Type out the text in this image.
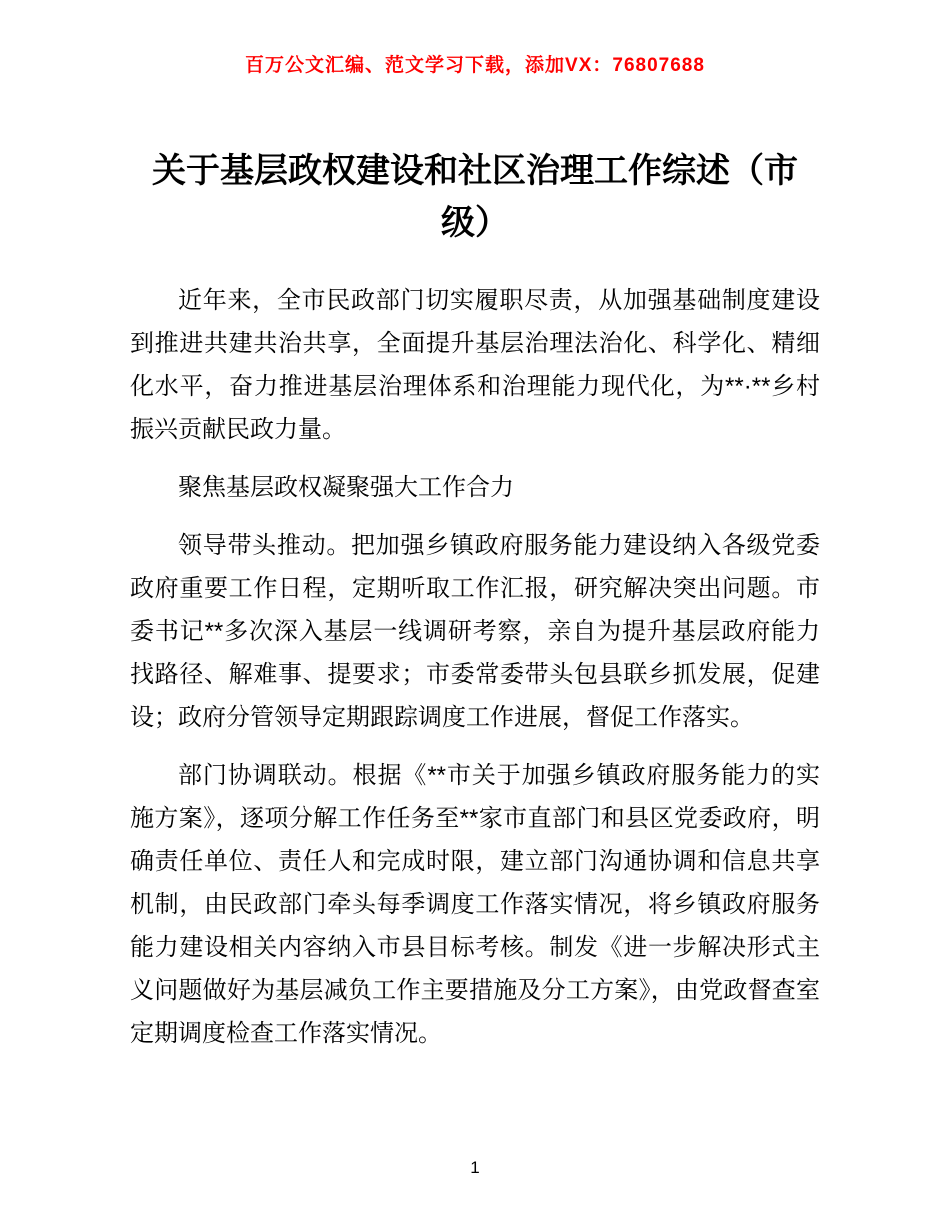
百万公文汇编、范文学习下载，添加VX：76807688
关于基层政权建设和社区治理工作综述（市级）

近年来，全市民政部门切实履职尽责，从加强基础制度建设到推进共建共治共享，全面提升基层治理法治化、科学化、精细化水平，奋力推进基层治理体系和治理能力现代化，为**·**乡村振兴贡献民政力量。

聚焦基层政权凝聚强大工作合力

领导带头推动。把加强乡镇政府服务能力建设纳入各级党委政府重要工作日程，定期听取工作汇报，研究解决突出问题。市委书记**多次深入基层一线调研考察，亲自为提升基层政府能力找路径、解难事、提要求；市委常委带头包县联乡抓发展，促建设；政府分管领导定期跟踪调度工作进展，督促工作落实。

部门协调联动。根据《**市关于加强乡镇政府服务能力的实施方案》，逐项分解工作任务至**家市直部门和县区党委政府，明确责任单位、责任人和完成时限，建立部门沟通协调和信息共享机制，由民政部门牵头每季调度工作落实情况，将乡镇政府服务能力建设相关内容纳入市县目标考核。制发《进一步解决形式主义问题做好为基层减负工作主要措施及分工方案》，由党政督查室定期调度检查工作落实情况。

1
